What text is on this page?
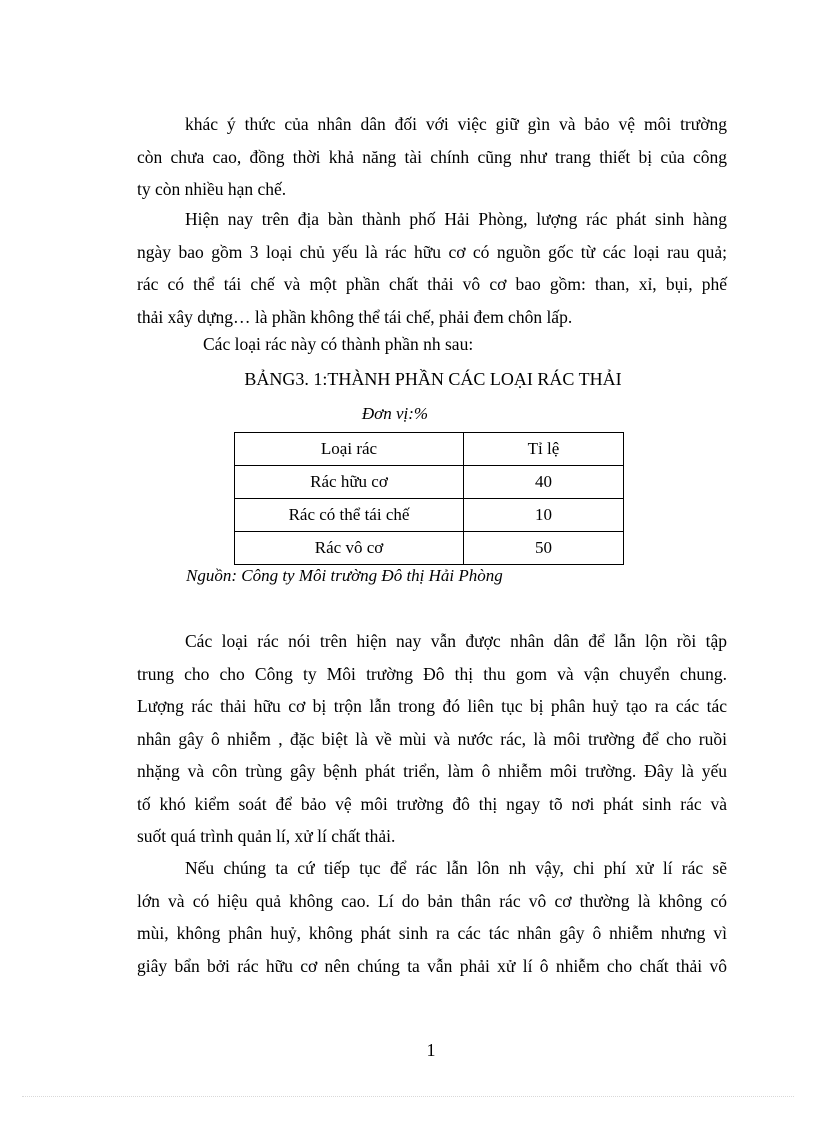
khác ý thức của nhân dân đối với việc giữ gìn và bảo vệ môi trường
còn chưa cao, đồng thời khả năng tài chính cũng như trang thiết bị của công
ty còn nhiều hạn chế.

Hiện nay trên địa bàn thành phố Hải Phòng, lượng rác phát sinh hàng
ngày bao gồm 3 loại chủ yếu là rác hữu cơ có nguồn gốc từ các loại rau quả;
rác có thể tái chế và một phần chất thải vô cơ bao gồm: than, xỉ, bụi, phế
thải xây dựng… là phần không thể tái chế, phải đem chôn lấp.

Các loại rác này có thành phần nh sau:

BẢNG3. 1:THÀNH PHẦN CÁC LOẠI RÁC THẢI

Đơn vị:%

Loại rác	Tỉ lệ
Rác hữu cơ	40
Rác có thể tái chế	10
Rác vô cơ	50

Nguồn: Công ty Môi trường Đô thị Hải Phòng

Các loại rác nói trên hiện nay vẫn được nhân dân để lẫn lộn rồi tập
trung cho cho Công ty Môi trường Đô thị thu gom và vận chuyển chung.
Lượng rác thải hữu cơ bị trộn lẫn trong đó liên tục bị phân huỷ tạo ra các tác
nhân gây ô nhiễm , đặc biệt là về mùi và nước rác, là môi trường để cho ruồi
nhặng và côn trùng gây bệnh phát triển, làm ô nhiễm môi trường. Đây là yếu
tố khó kiểm soát để bảo vệ môi trường đô thị ngay tõ nơi phát sinh rác và
suốt quá trình quản lí, xử lí chất thải.

Nếu chúng ta cứ tiếp tục để rác lẫn lôn nh vậy, chi phí xử lí rác sẽ
lớn và có hiệu quả không cao. Lí do bản thân rác vô cơ thường là không có
mùi, không phân huỷ, không phát sinh ra các tác nhân gây ô nhiễm nhưng vì
giây bẩn bởi rác hữu cơ nên chúng ta vẫn phải xử lí ô nhiễm cho chất thải vô

1
